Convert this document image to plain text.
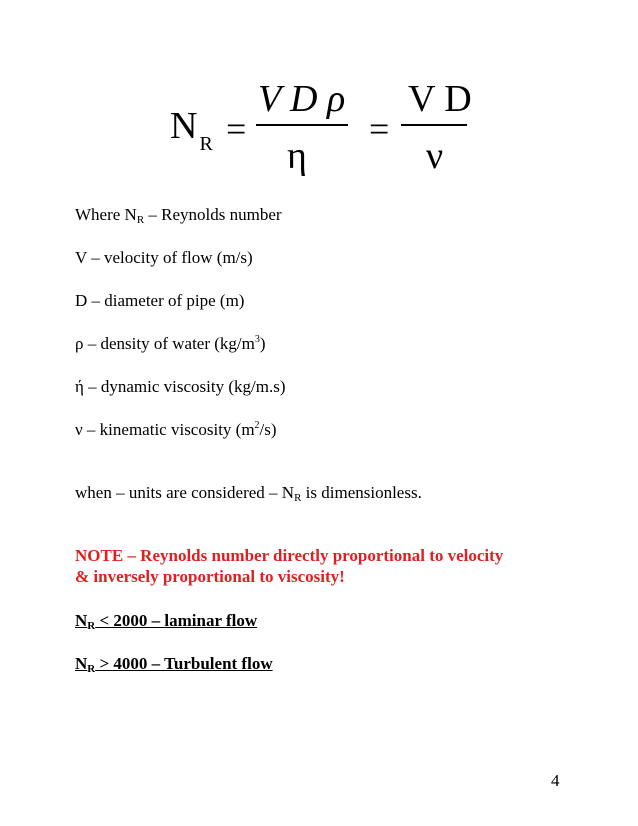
N $_R$ =
V D ρ
η
=
V D
ν
Where $N_R$ – Reynolds number
V – velocity of flow (m/s)
D – diameter of pipe (m)
ρ – density of water $(kg/m^3)$
ή – dynamic viscosity (kg/m.s)
ν – kinematic viscosity $(m^2/s)$
when – units are considered – $N_R$ is dimensionless.
NOTE – Reynolds number directly proportional to velocity
& inversely proportional to viscosity!
$N_R < 2000$ – laminar flow
$N_R > 4000$ – Turbulent flow
4
